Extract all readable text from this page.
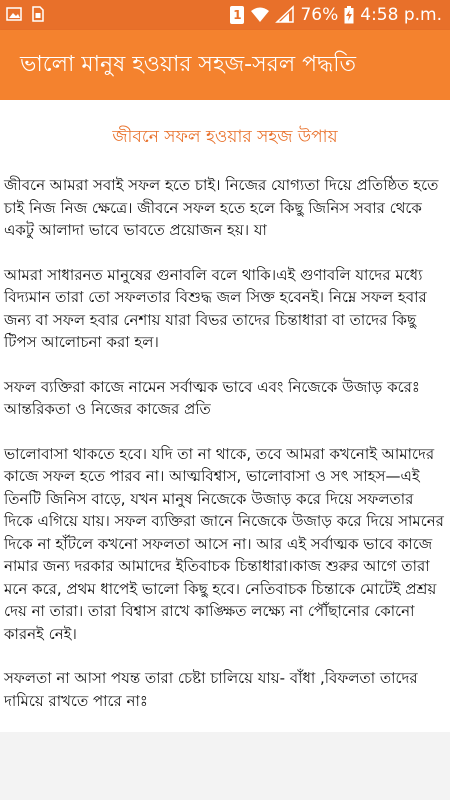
1	76% 4:58 p.m.
ভালো মানুষ হওয়ার সহজ-সরল পদ্ধতি
জীবনে সফল হওয়ার সহজ উপায়

জীবনে আমরা সবাই সফল হতে চাই। নিজের যোগ্যতা দিয়ে প্রতিষ্ঠিত হতে চাই নিজ নিজ ক্ষেত্রে। জীবনে সফল হতে হলে কিছু জিনিস সবার থেকে একটু আলাদা ভাবে ভাবতে প্রয়োজন হয়। যা

আমরা সাধারনত মানুষের গুনাবলি বলে থাকি।এই গুণাবলি যাদের মধ্যে বিদ্যমান তারা তো সফলতার বিশুদ্ধ জল সিক্ত হবেনই। নিম্নে সফল হবার জন্য বা সফল হবার নেশায় যারা বিভর তাদের চিন্তাধারা বা তাদের কিছু টিপস আলোচনা করা হল।

সফল ব্যক্তিরা কাজে নামেন সর্বাত্মক ভাবে এবং নিজেকে উজাড় করেঃ আন্তরিকতা ও নিজের কাজের প্রতি

ভালোবাসা থাকতে হবে। যদি তা না থাকে, তবে আমরা কখনোই আমাদের কাজে সফল হতে পারব না। আত্মবিশ্বাস, ভালোবাসা ও সৎ সাহস—এই তিনটি জিনিস বাড়ে, যখন মানুষ নিজেকে উজাড় করে দিয়ে সফলতার দিকে এগিয়ে যায়। সফল ব্যক্তিরা জানে নিজেকে উজাড় করে দিয়ে সামনের দিকে না হাঁটলে কখনো সফলতা আসে না। আর এই সর্বাত্মক ভাবে কাজে নামার জন্য দরকার আমাদের ইতিবাচক চিন্তাধারা।কাজ শুরুর আগে তারা মনে করে, প্রথম ধাপেই ভালো কিছু হবে। নেতিবাচক চিন্তাকে মোটেই প্রশ্রয় দেয় না তারা। তারা বিশ্বাস রাখে কাঙ্ক্ষিত লক্ষ্যে না পৌঁছানোর কোনো কারনই নেই।

সফলতা না আসা পযন্ত তারা চেষ্টা চালিয়ে যায়- বাঁধা ,বিফলতা তাদের দামিয়ে রাখতে পারে নাঃ
